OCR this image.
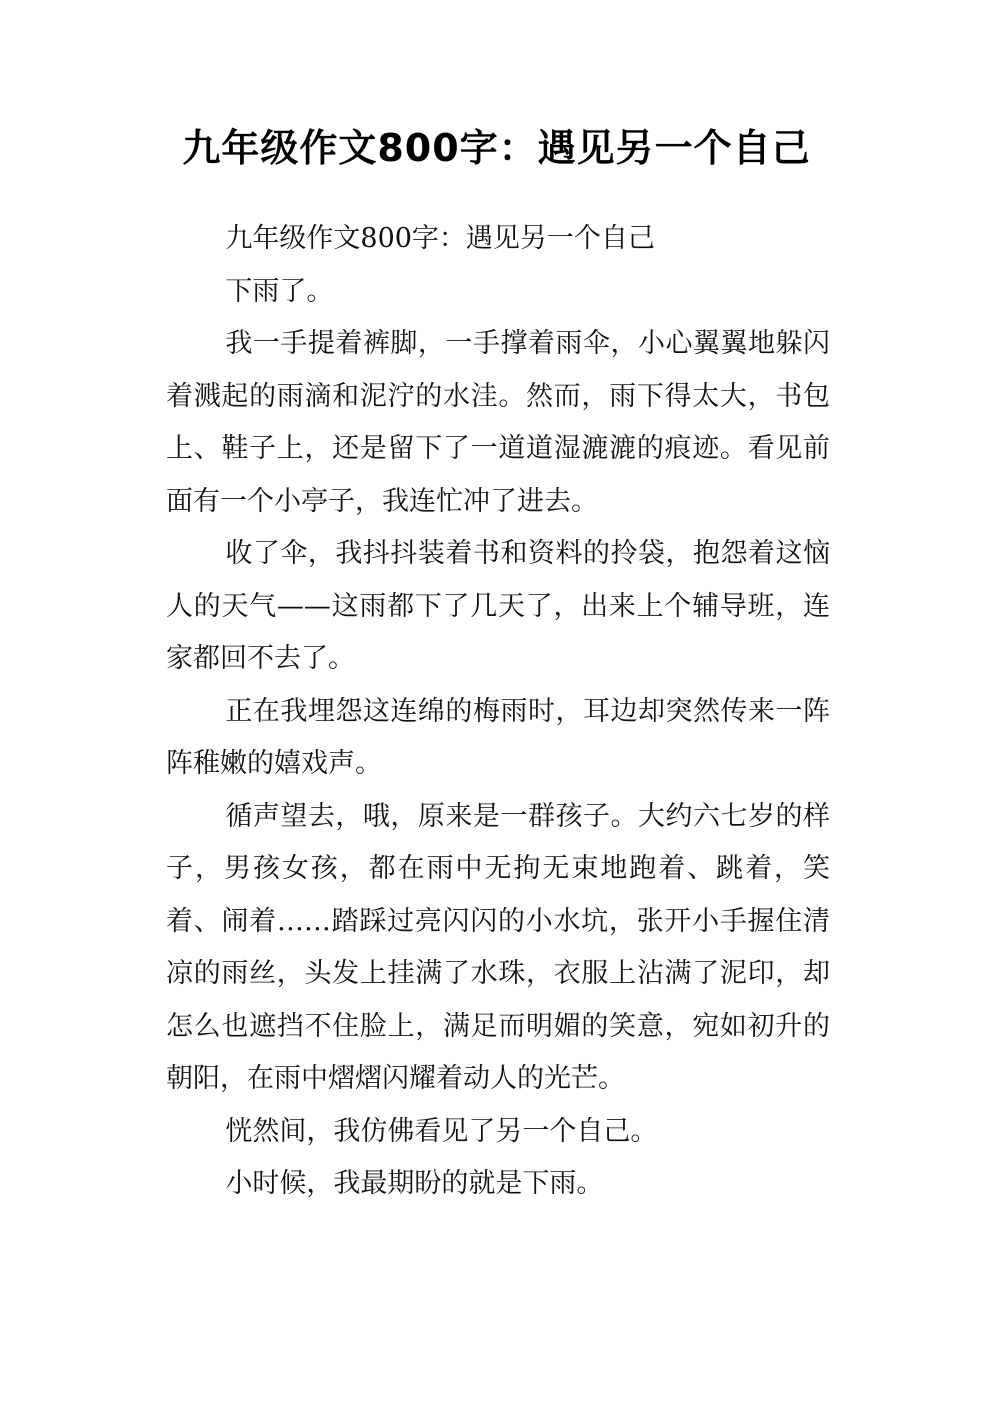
九年级作文800字：遇见另一个自己

九年级作文800字：遇见另一个自己

下雨了。

我一手提着裤脚，一手撑着雨伞，小心翼翼地躲闪着溅起的雨滴和泥泞的水洼。然而，雨下得太大，书包上、鞋子上，还是留下了一道道湿漉漉的痕迹。看见前面有一个小亭子，我连忙冲了进去。

收了伞，我抖抖装着书和资料的拎袋，抱怨着这恼人的天气——这雨都下了几天了，出来上个辅导班，连家都回不去了。

正在我埋怨这连绵的梅雨时，耳边却突然传来一阵阵稚嫩的嬉戏声。

循声望去，哦，原来是一群孩子。大约六七岁的样子，男孩女孩，都在雨中无拘无束地跑着、跳着，笑着、闹着……踏踩过亮闪闪的小水坑，张开小手握住清凉的雨丝，头发上挂满了水珠，衣服上沾满了泥印，却怎么也遮挡不住脸上，满足而明媚的笑意，宛如初升的朝阳，在雨中熠熠闪耀着动人的光芒。

恍然间，我仿佛看见了另一个自己。

小时候，我最期盼的就是下雨。
